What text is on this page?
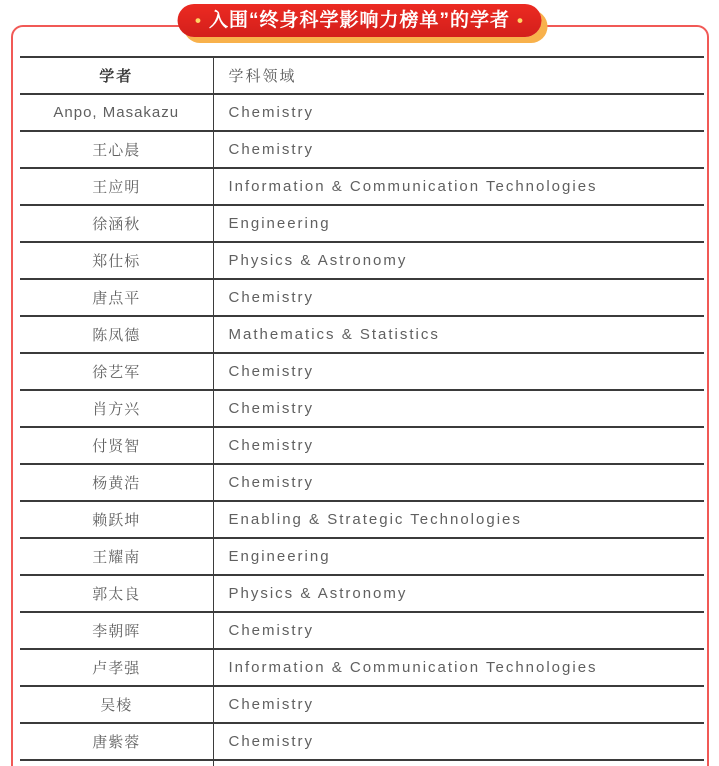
• 入围“终身科学影响力榜单”的学者 •
学者	学科领域
Anpo, Masakazu	Chemistry
王心晨	Chemistry
王应明	Information & Communication Technologies
徐涵秋	Engineering
郑仕标	Physics & Astronomy
唐点平	Chemistry
陈凤德	Mathematics & Statistics
徐艺军	Chemistry
肖方兴	Chemistry
付贤智	Chemistry
杨黄浩	Chemistry
赖跃坤	Enabling & Strategic Technologies
王耀南	Engineering
郭太良	Physics & Astronomy
李朝晖	Chemistry
卢孝强	Information & Communication Technologies
吴棱	Chemistry
唐紫蓉	Chemistry
